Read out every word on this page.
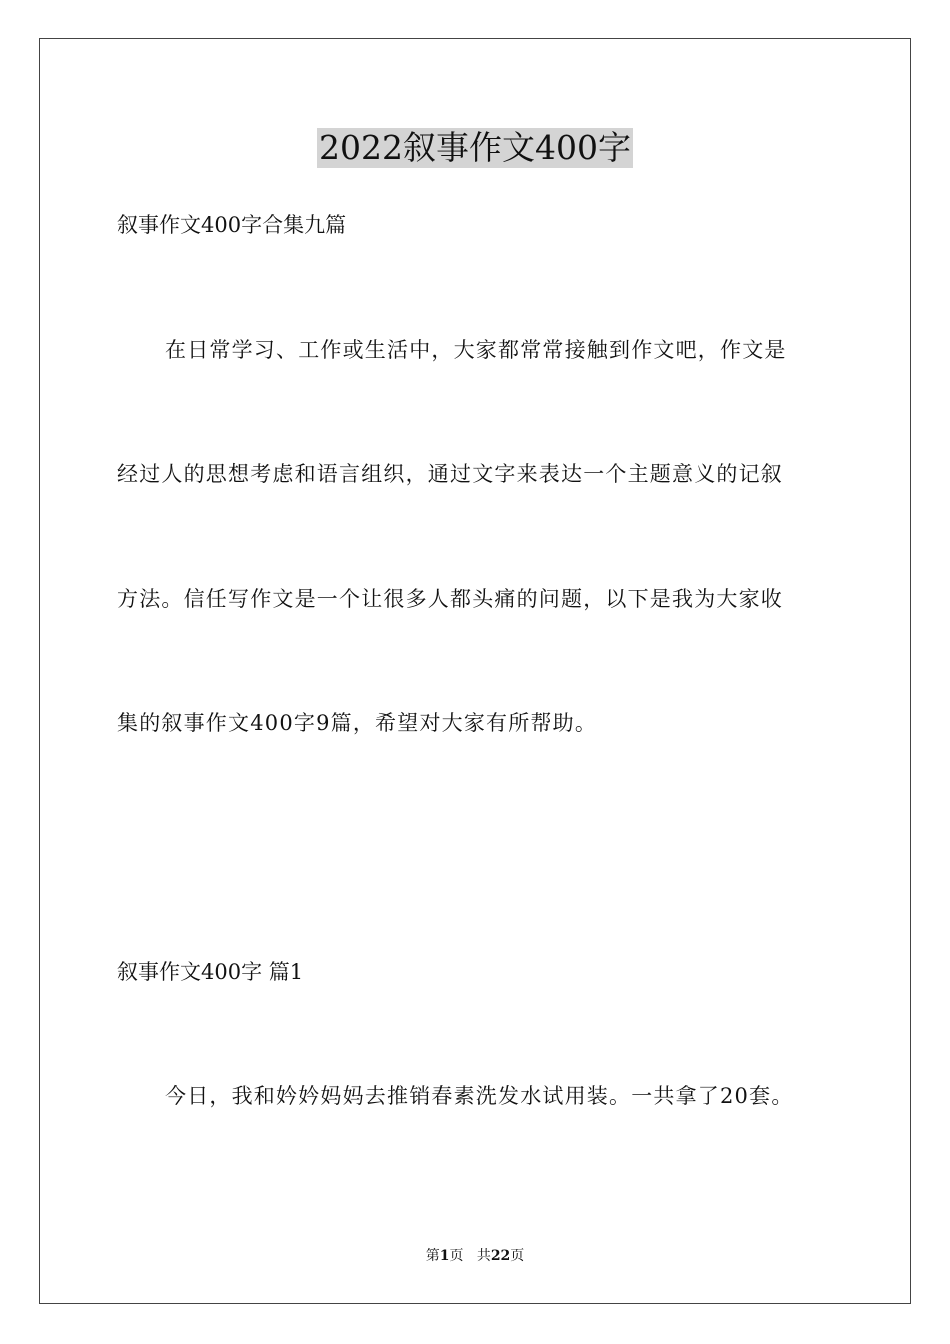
2022叙事作文400字
叙事作文400字合集九篇
在日常学习、工作或生活中，大家都常常接触到作文吧，作文是
经过人的思想考虑和语言组织，通过文字来表达一个主题意义的记叙
方法。信任写作文是一个让很多人都头痛的问题，以下是我为大家收
集的叙事作文400字9篇，希望对大家有所帮助。
叙事作文400字 篇1
今日，我和妗妗妈妈去推销春素洗发水试用装。一共拿了20套。
第1页 共22页
